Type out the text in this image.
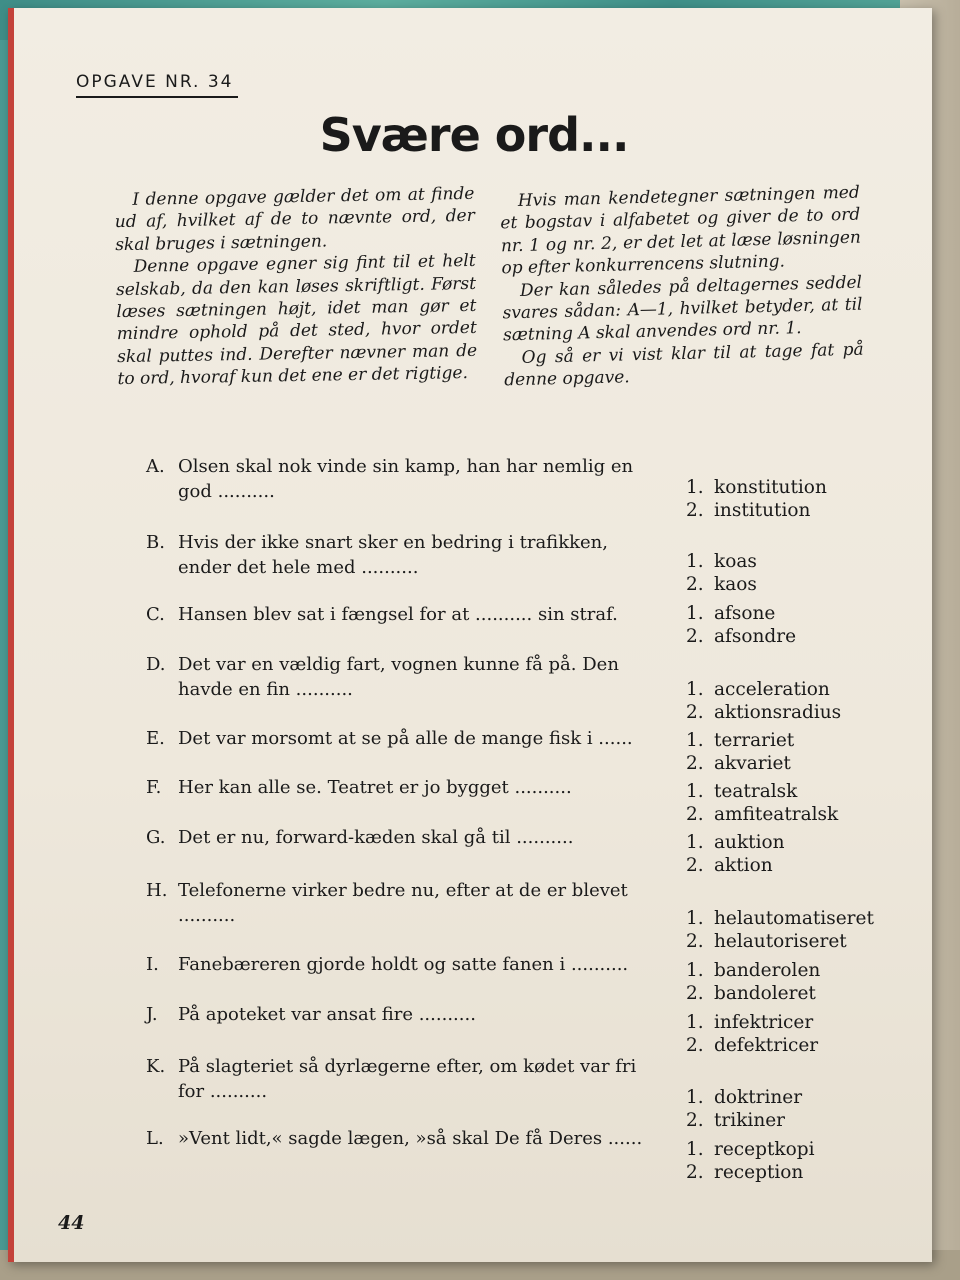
OPGAVE NR. 34
Svære ord...

I denne opgave gælder det om at finde ud af, hvilket af de to nævnte ord, der skal bruges i sætningen.

Denne opgave egner sig fint til et helt selskab, da den kan løses skriftligt. Først læses sætningen højt, idet man gør et mindre ophold på det sted, hvor ordet skal puttes ind. Derefter nævner man de to ord, hvoraf kun det ene er det rigtige.

Hvis man kendetegner sætningen med et bogstav i alfabetet og giver de to ord nr. 1 og nr. 2, er det let at læse løsningen op efter konkurrencens slutning.

Der kan således på deltagernes seddel svares sådan: A—1, hvilket betyder, at til sætning A skal anvendes ord nr. 1.

Og så er vi vist klar til at tage fat på denne opgave.

A. Olsen skal nok vinde sin kamp, han har nemlig en god ..........	1. konstitution
2. institution
B. Hvis der ikke snart sker en bedring i trafikken, ender det hele med ..........	1. koas
2. kaos
C. Hansen blev sat i fængsel for at .......... sin straf.	1. afsone
2. afsondre
D. Det var en vældig fart, vognen kunne få på. Den havde en fin ..........	1. acceleration
2. aktionsradius
E. Det var morsomt at se på alle de mange fisk i ......	1. terrariet
2. akvariet
F. Her kan alle se. Teatret er jo bygget ..........	1. teatralsk
2. amfiteatralsk
G. Det er nu, forward-kæden skal gå til ..........	1. auktion
2. aktion
H. Telefonerne virker bedre nu, efter at de er blevet ..........	1. helautomatiseret
2. helautoriseret
I. Fanebæreren gjorde holdt og satte fanen i ..........	1. banderolen
2. bandoleret
J. På apoteket var ansat fire ..........	1. infektricer
2. defektricer
K. På slagteriet så dyrlægerne efter, om kødet var fri for ..........	1. doktriner
2. trikiner
L. »Vent lidt,« sagde lægen, »så skal De få Deres ......
1. receptkopi
2. reception
44
